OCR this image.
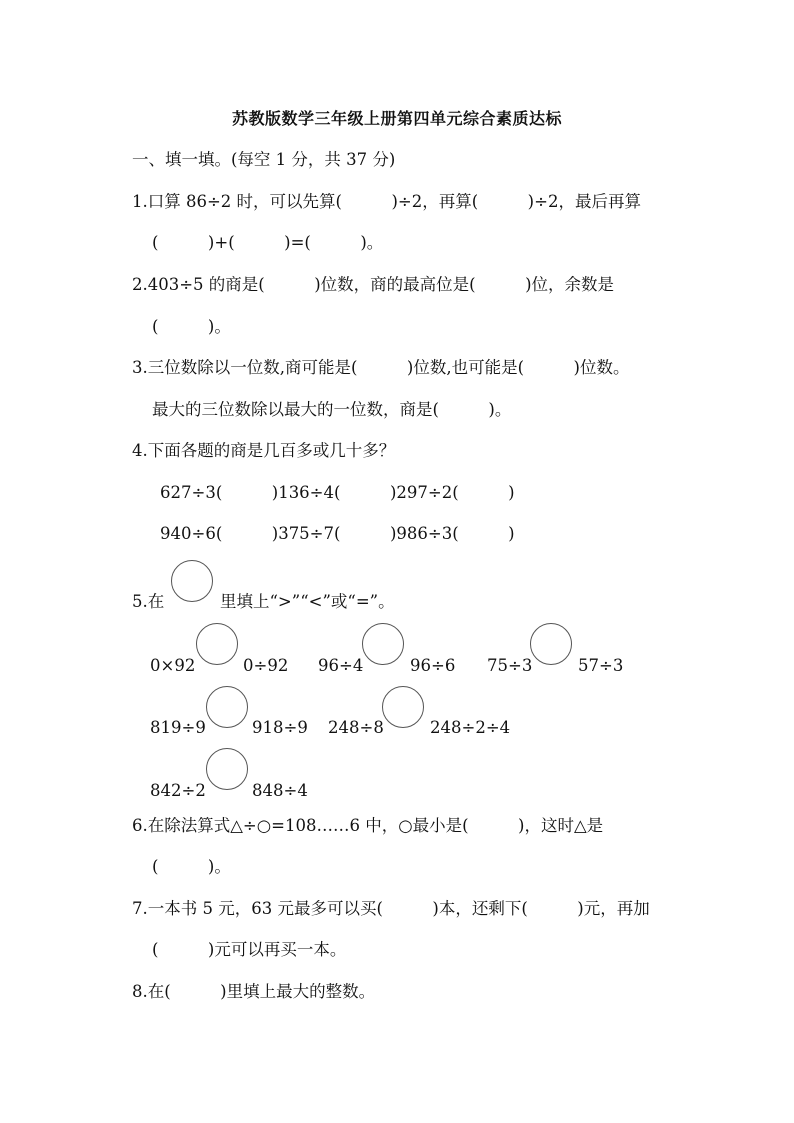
苏教版数学三年级上册第四单元综合素质达标
一、填一填。(每空 1 分，共 37 分)
1.口算 86÷2 时，可以先算(　　　)÷2，再算(　　　)÷2，最后再算
(　　　)+(　　　)=(　　　)。
2.403÷5 的商是(　　　)位数，商的最高位是(　　　)位，余数是
(　　　)。
3.三位数除以一位数,商可能是(　　　)位数,也可能是(　　　)位数。
最大的三位数除以最大的一位数，商是(　　　)。
4.下面各题的商是几百多或几十多？
627÷3(　　　)136÷4(　　　)297÷2(　　　)
940÷6(　　　)375÷7(　　　)986÷3(　　　)
5.在	里填上“>”“<”或“=”。
0×92	0÷92 96÷4	96÷6 75÷3	57÷3
819÷9	918÷9 248÷8	248÷2÷4
842÷2	848÷4
6.在除法算式△÷○=108……6 中，○最小是(　　　)，这时△是
(　　　)。
7.一本书 5 元，63 元最多可以买(　　　)本，还剩下(　　　)元，再加
(　　　)元可以再买一本。
8.在(　　　)里填上最大的整数。
